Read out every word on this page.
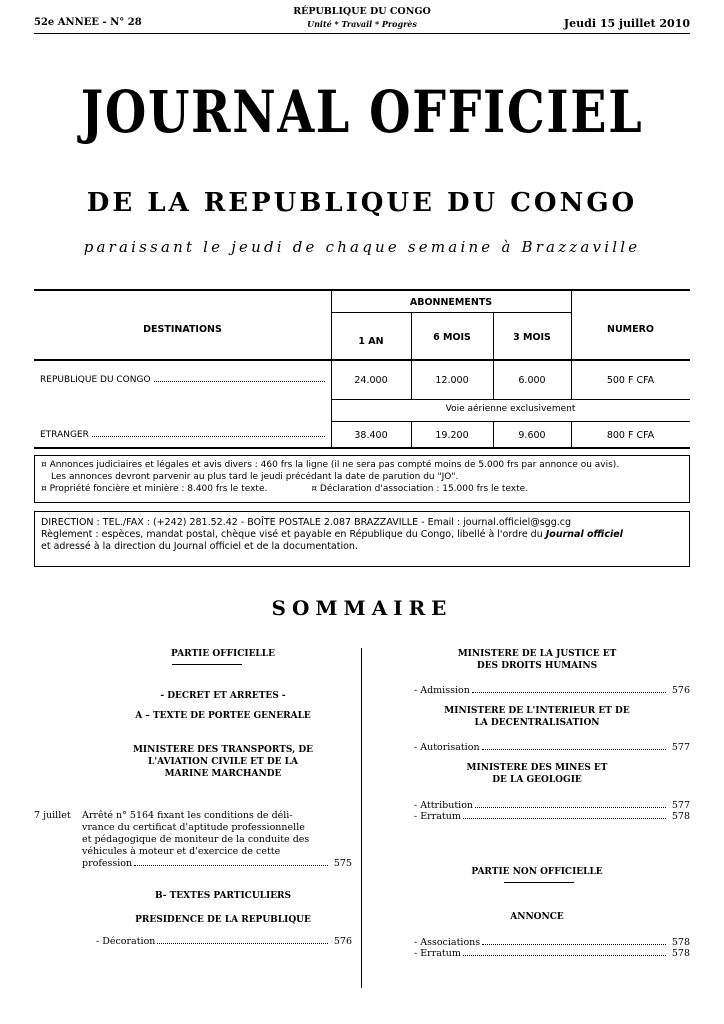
52e ANNEE - N° 28
RÉPUBLIQUE DU CONGO
Unité * Travail * Progrès	Jeudi 15 juillet 2010
JOURNAL OFFICIEL
DE LA REPUBLIQUE DU CONGO
paraissant le jeudi de chaque semaine à Brazzaville
DESTINATIONS
ABONNEMENTS
1 AN	6 MOIS	3 MOIS
NUMERO
REPUBLIQUE DU CONGO	24.000	12.000	6.000	500 F CFA
Voie aérienne exclusivement
ETRANGER	38.400	19.200	9.600	800 F CFA
¤ Annonces judiciaires et légales et avis divers : 460 frs la ligne (il ne sera pas compté moins de 5.000 frs par annonce ou avis).
Les annonces devront parvenir au plus tard le jeudi précédant la date de parution du "JO".
¤ Propriété foncière et minière : 8.400 frs le texte.	¤ Déclaration d'association : 15.000 frs le texte.
DIRECTION : TEL./FAX : (+242) 281.52.42 - BOÎTE POSTALE 2.087 BRAZZAVILLE - Email : journal.officiel@sgg.cg
Règlement : espèces, mandat postal, chèque visé et payable en République du Congo, libellé à l'ordre du Journal officiel
et adressé à la direction du Journal officiel et de la documentation.
SOMMAIRE
PARTIE OFFICIELLE
- DECRET ET ARRETES -
A – TEXTE DE PORTEE GENERALE
MINISTERE DES TRANSPORTS, DE
L'AVIATION CIVILE ET DE LA
MARINE MARCHANDE
7 juillet Arrêté n° 5164 fixant les conditions de déli-
vrance du certificat d'aptitude professionnelle
et pédagogique de moniteur de la conduite des
véhicules à moteur et d'exercice de cette
profession	575
B- TEXTES PARTICULIERS
PRESIDENCE DE LA REPUBLIQUE
- Décoration	576
MINISTERE DE LA JUSTICE ET
DES DROITS HUMAINS
- Admission	576
MINISTERE DE L'INTERIEUR ET DE
LA DECENTRALISATION
- Autorisation	577
MINISTERE DES MINES ET
DE LA GEOLOGIE
- Attribution	577
- Erratum	578
PARTIE NON OFFICIELLE
ANNONCE
- Associations	578
- Erratum	578
